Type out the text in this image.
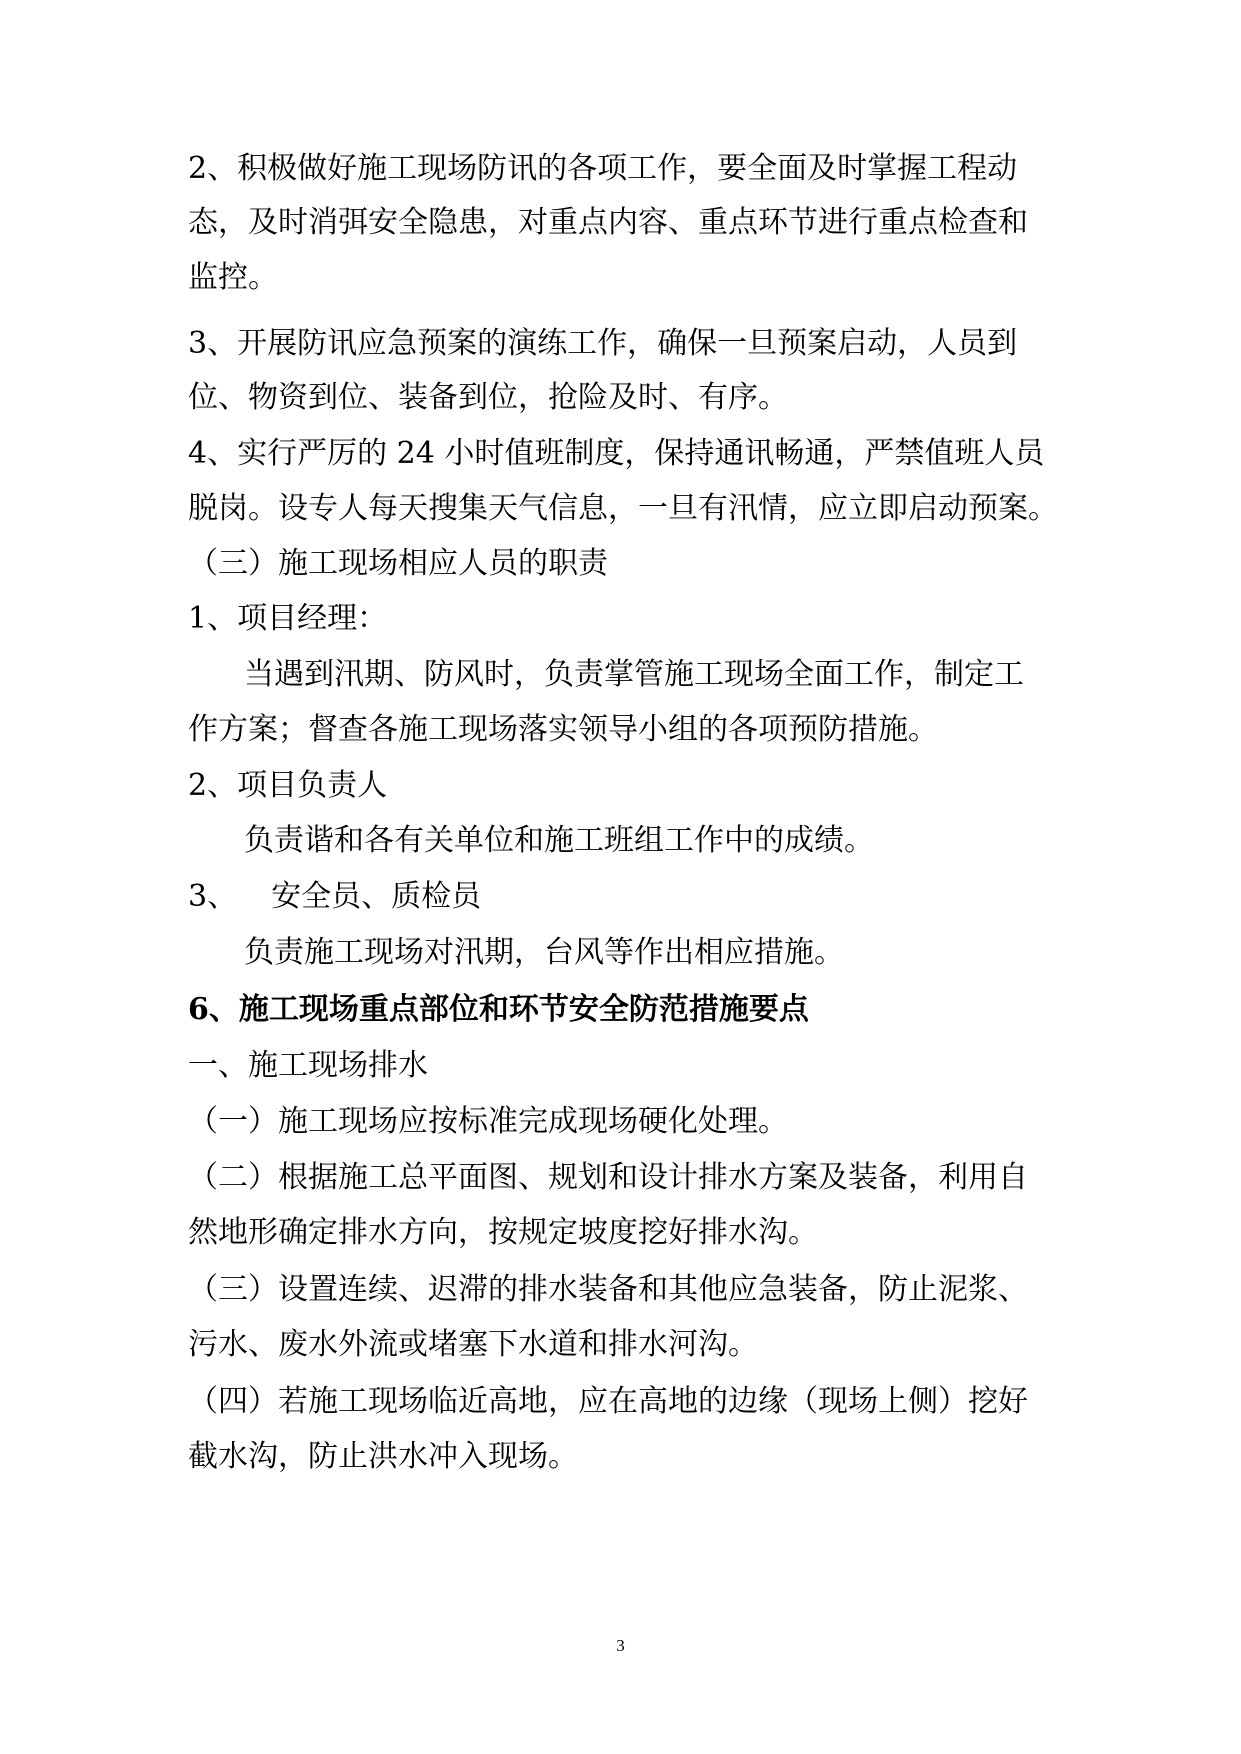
2、积极做好施工现场防讯的各项工作，要全面及时掌握工程动

态，及时消弭安全隐患，对重点内容、重点环节进行重点检查和

监控。

3、开展防讯应急预案的演练工作，确保一旦预案启动，人员到

位、物资到位、装备到位，抢险及时、有序。

4、实行严厉的 24 小时值班制度，保持通讯畅通，严禁值班人员

脱岗。设专人每天搜集天气信息，一旦有汛情，应立即启动预案。

（三）施工现场相应人员的职责

1、项目经理：

当遇到汛期、防风时，负责掌管施工现场全面工作，制定工

作方案；督查各施工现场落实领导小组的各项预防措施。

2、项目负责人

负责谐和各有关单位和施工班组工作中的成绩。

3、 安全员、质检员

负责施工现场对汛期，台风等作出相应措施。

6、施工现场重点部位和环节安全防范措施要点

一、施工现场排水

（一）施工现场应按标准完成现场硬化处理。

（二）根据施工总平面图、规划和设计排水方案及装备，利用自

然地形确定排水方向，按规定坡度挖好排水沟。

（三）设置连续、迟滞的排水装备和其他应急装备，防止泥浆、

污水、废水外流或堵塞下水道和排水河沟。

（四）若施工现场临近高地，应在高地的边缘（现场上侧）挖好

截水沟，防止洪水冲入现场。

3
